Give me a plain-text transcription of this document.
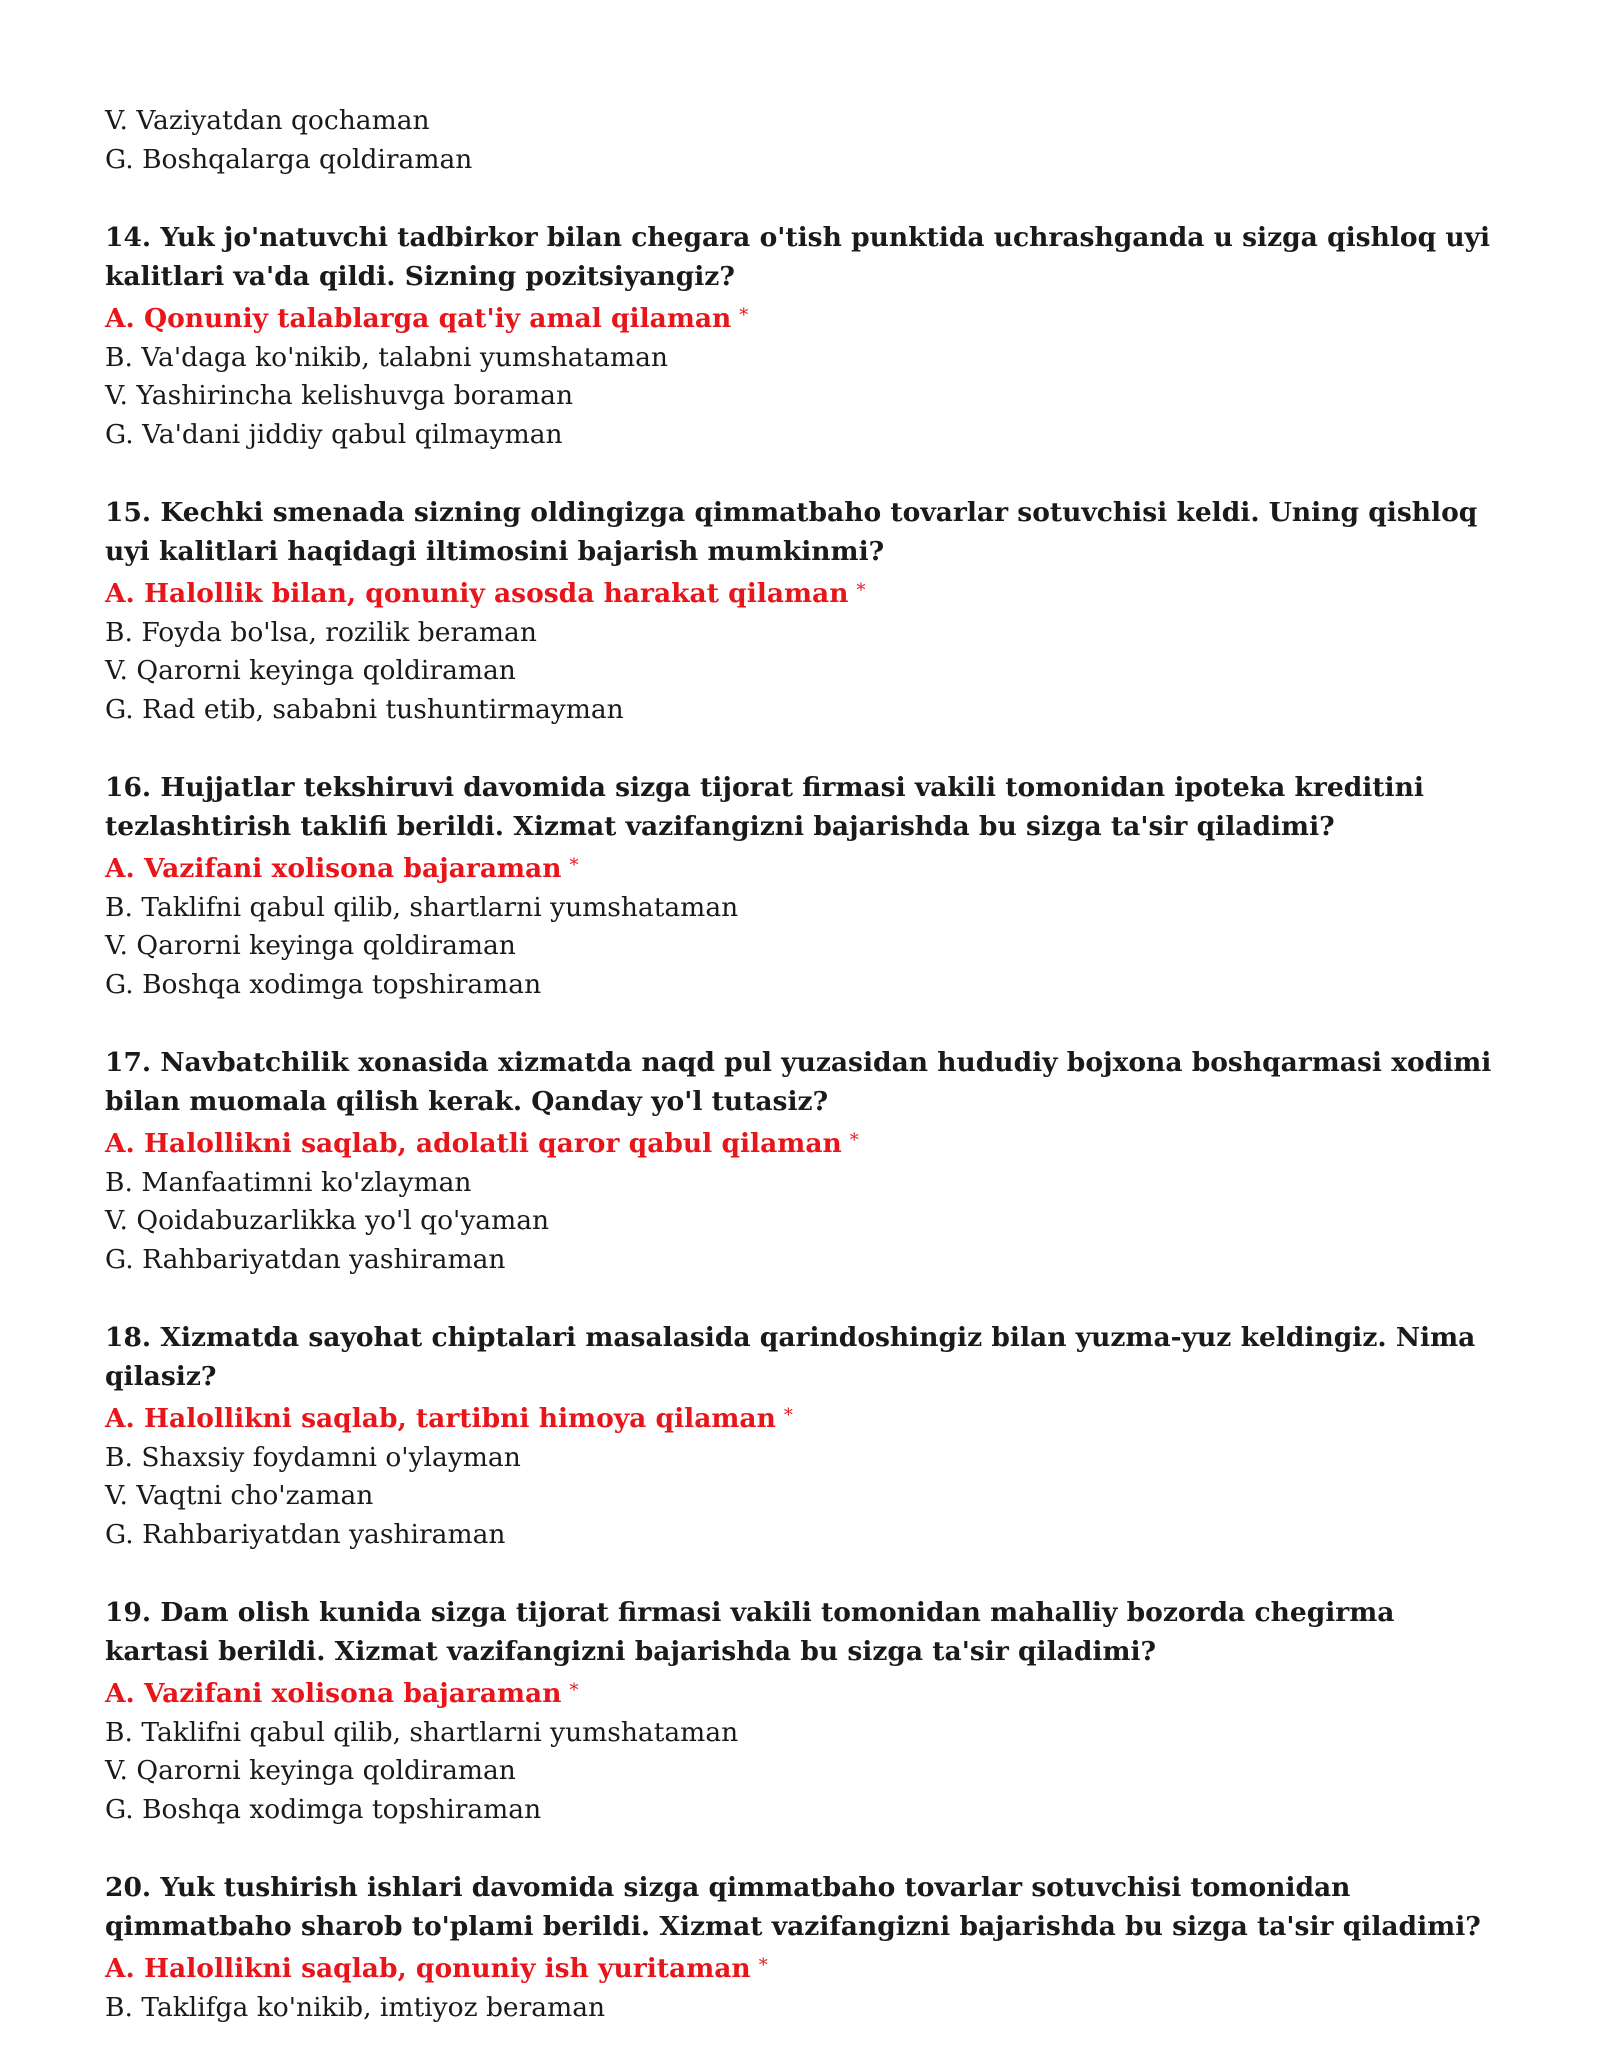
V. Vaziyatdan qochaman

G. Boshqalarga qoldiraman

14. Yuk jo'natuvchi tadbirkor bilan chegara o'tish punktida uchrashganda u sizga qishloq uyi kalitlari va'da qildi. Sizning pozitsiyangiz?

A. Qonuniy talablarga qat'iy amal qilaman *

B. Va'daga ko'nikib, talabni yumshataman

V. Yashirincha kelishuvga boraman

G. Va'dani jiddiy qabul qilmayman

15. Kechki smenada sizning oldingizga qimmatbaho tovarlar sotuvchisi keldi. Uning qishloq uyi kalitlari haqidagi iltimosini bajarish mumkinmi?

A. Halollik bilan, qonuniy asosda harakat qilaman *

B. Foyda bo'lsa, rozilik beraman

V. Qarorni keyinga qoldiraman

G. Rad etib, sababni tushuntirmayman

16. Hujjatlar tekshiruvi davomida sizga tijorat firmasi vakili tomonidan ipoteka kreditini tezlashtirish taklifi berildi. Xizmat vazifangizni bajarishda bu sizga ta'sir qiladimi?

A. Vazifani xolisona bajaraman *

B. Taklifni qabul qilib, shartlarni yumshataman

V. Qarorni keyinga qoldiraman

G. Boshqa xodimga topshiraman

17. Navbatchilik xonasida xizmatda naqd pul yuzasidan hududiy bojxona boshqarmasi xodimi bilan muomala qilish kerak. Qanday yo'l tutasiz?

A. Halollikni saqlab, adolatli qaror qabul qilaman *

B. Manfaatimni ko'zlayman

V. Qoidabuzarlikka yo'l qo'yaman

G. Rahbariyatdan yashiraman

18. Xizmatda sayohat chiptalari masalasida qarindoshingiz bilan yuzma-yuz keldingiz. Nima qilasiz?

A. Halollikni saqlab, tartibni himoya qilaman *

B. Shaxsiy foydamni o'ylayman

V. Vaqtni cho'zaman

G. Rahbariyatdan yashiraman

19. Dam olish kunida sizga tijorat firmasi vakili tomonidan mahalliy bozorda chegirma kartasi berildi. Xizmat vazifangizni bajarishda bu sizga ta'sir qiladimi?

A. Vazifani xolisona bajaraman *

B. Taklifni qabul qilib, shartlarni yumshataman

V. Qarorni keyinga qoldiraman

G. Boshqa xodimga topshiraman

20. Yuk tushirish ishlari davomida sizga qimmatbaho tovarlar sotuvchisi tomonidan qimmatbaho sharob to'plami berildi. Xizmat vazifangizni bajarishda bu sizga ta'sir qiladimi?

A. Halollikni saqlab, qonuniy ish yuritaman *

B. Taklifga ko'nikib, imtiyoz beraman
